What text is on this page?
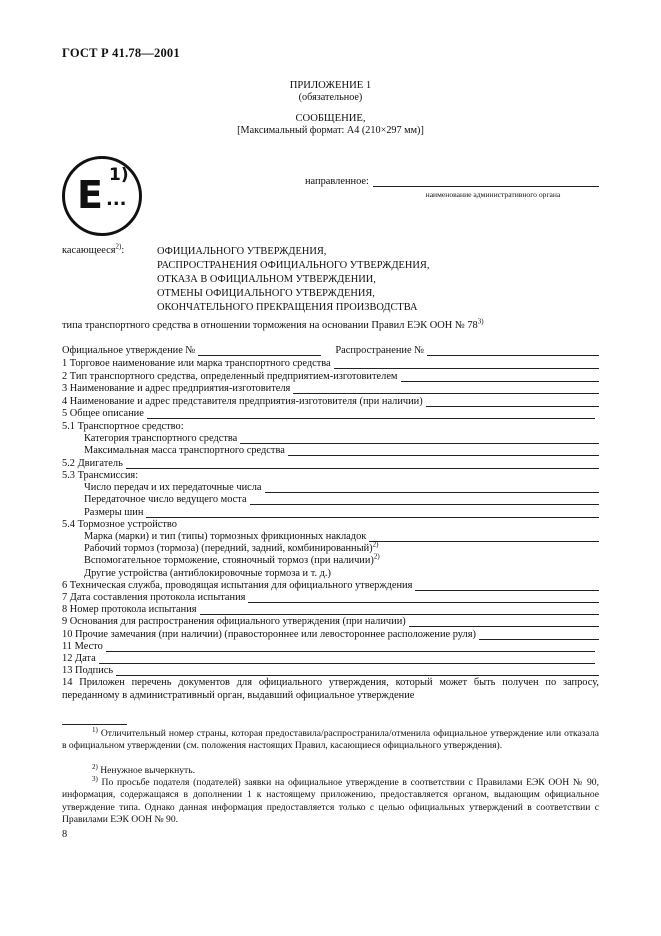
ГОСТ Р 41.78—2001
ПРИЛОЖЕНИЕ 1
(обязательное)
СООБЩЕНИЕ,
[Максимальный формат: А4 (210×297 мм)]
E ...
1)	направленное:
наименование административного органа
касающееся$^{2)}$:	ОФИЦИАЛЬНОГО УТВЕРЖДЕНИЯ,
РАСПРОСТРАНЕНИЯ ОФИЦИАЛЬНОГО УТВЕРЖДЕНИЯ,
ОТКАЗА В ОФИЦИАЛЬНОМ УТВЕРЖДЕНИИ,
ОТМЕНЫ ОФИЦИАЛЬНОГО УТВЕРЖДЕНИЯ,
ОКОНЧАТЕЛЬНОГО ПРЕКРАЩЕНИЯ ПРОИЗВОДСТВА
типа транспортного средства в отношении торможения на основании Правил ЕЭК ООН № 78$^{3)}$
Официальное утверждение №	Распространение №
1 Торговое наименование или марка транспортного средства
2 Тип транспортного средства, определенный предприятием-изготовителем
3 Наименование и адрес предприятия-изготовителя
4 Наименование и адрес представителя предприятия-изготовителя (при наличии)
5 Общее описание
5.1 Транспортное средство:
Категория транспортного средства
Максимальная масса транспортного средства
5.2 Двигатель
5.3 Трансмиссия:
Число передач и их передаточные числа
Передаточное число ведущего моста
Размеры шин
5.4 Тормозное устройство
Марка (марки) и тип (типы) тормозных фрикционных накладок
Рабочий тормоз (тормоза) (передний, задний, комбинированный)$^{2)}$
Вспомогательное торможение, стояночный тормоз (при наличии)$^{2)}$
Другие устройства (антиблокировочные тормоза и т. д.)
6 Техническая служба, проводящая испытания для официального утверждения
7 Дата составления протокола испытания
8 Номер протокола испытания
9 Основания для распространения официального утверждения (при наличии)
10 Прочие замечания (при наличии) (правостороннее или левостороннее расположение руля)
11 Место
12 Дата
13 Подпись
14 Приложен перечень документов для официального утверждения, который может быть получен по запросу, переданному в административный орган, выдавший официальное утверждение
$^{1)}$ Отличительный номер страны, которая предоставила/распространила/отменила официальное утверждение или отказала в официальном утверждении (см. положения настоящих Правил, касающиеся официального утверждения).
$^{2)}$ Ненужное вычеркнуть.
$^{3)}$ По просьбе подателя (подателей) заявки на официальное утверждение в соответствии с Правилами ЕЭК ООН № 90, информация, содержащаяся в дополнении 1 к настоящему приложению, предоставляется органом, выдающим официальное утверждение типа. Однако данная информация предоставляется только с целью официальных утверждений в соответствии с Правилами ЕЭК ООН № 90.
8
